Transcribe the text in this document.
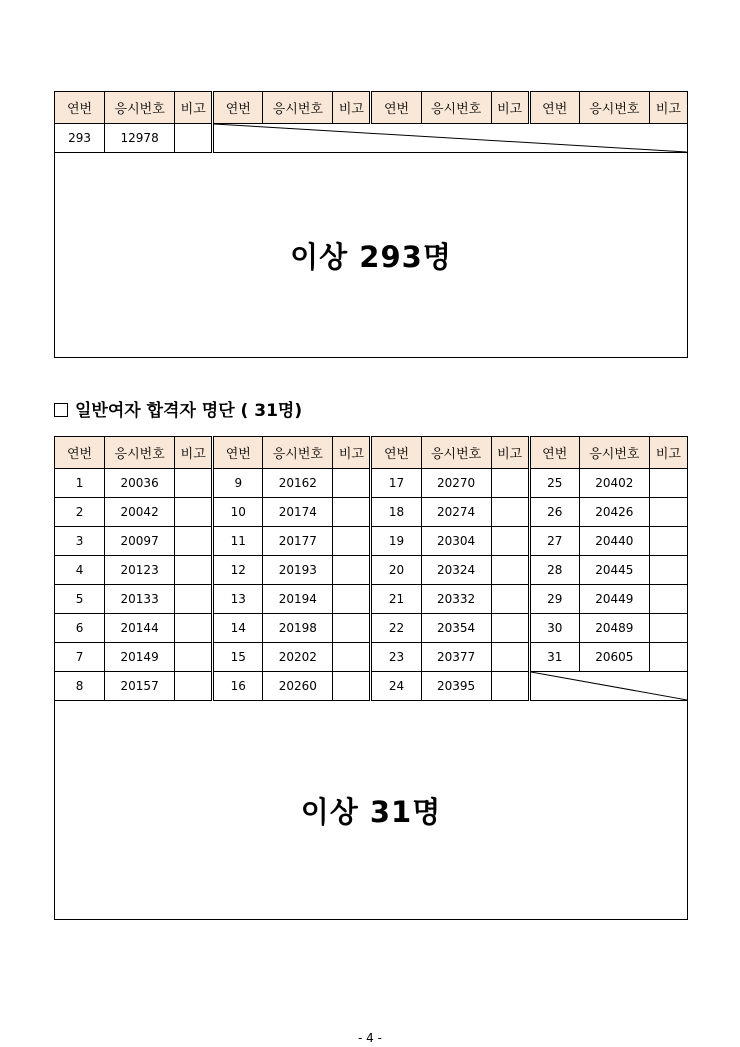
연번	응시번호	비고	연번	응시번호	비고	연번	응시번호	비고	연번	응시번호	비고
293	12978		

이상 293명											
일반여자 합격자 명단 ( 31명)
연번	응시번호	비고	연번	응시번호	비고	연번	응시번호	비고	연번	응시번호	비고
1	20036		9	20162		17	20270		25	20402	
2	20042		10	20174		18	20274		26	20426	
3	20097		11	20177		19	20304		27	20440	
4	20123		12	20193		20	20324		28	20445	
5	20133		13	20194		21	20332		29	20449	
6	20144		14	20198		22	20354		30	20489	
7	20149		15	20202		23	20377		31	20605	
8	20157		16	20260		24	20395		

이상 31명											
- 4 -
